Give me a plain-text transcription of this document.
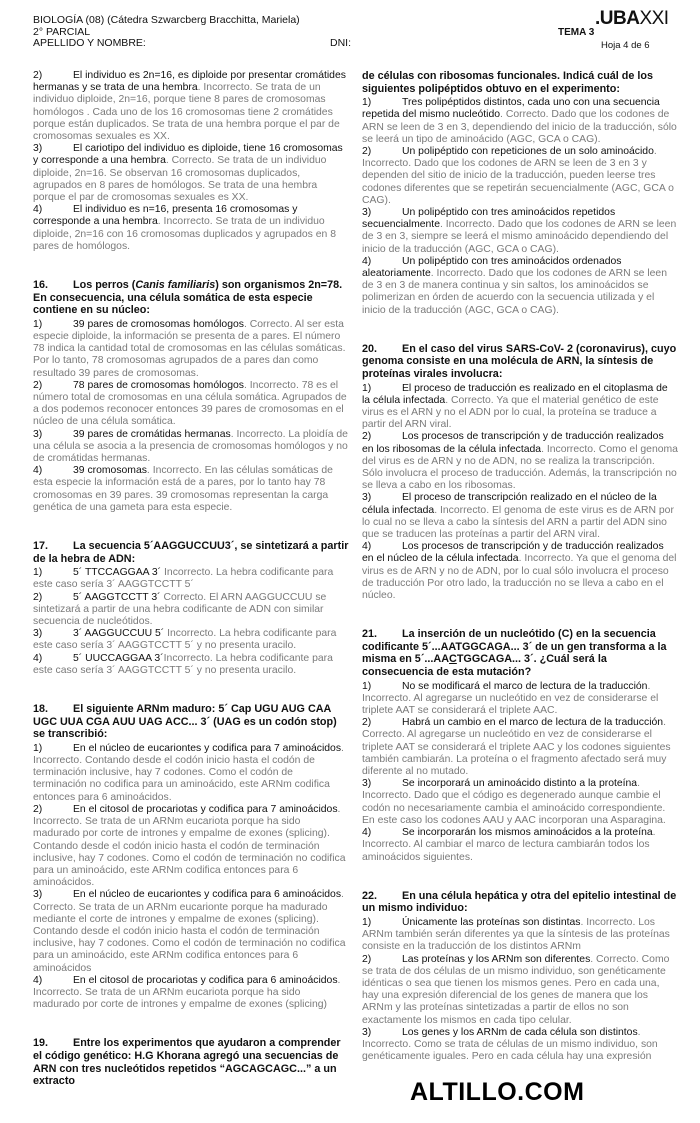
BIOLOGÍA (08) (Cátedra Szwarcberg Bracchitta, Mariela)
2° PARCIAL
APELLIDO Y NOMBRE:	DNI:
.UBAXXI
TEMA 3
Hoja 4 de 6
2)	El individuo es 2n=16, es diploide por presentar cromátides hermanas y se trata de una hembra. Incorrecto. Se trata de un individuo diploide, 2n=16, porque tiene 8 pares de cromosomas homólogos . Cada uno de los 16 cromosomas tiene 2 cromátides porque están duplicados. Se trata de una hembra porque el par de cromosomas sexuales es XX.
3)	El cariotipo del individuo es diploide, tiene 16 cromosomas y corresponde a una hembra. Correcto. Se trata de un individuo diploide, 2n=16. Se observan 16 cromosomas duplicados, agrupados en 8 pares de homólogos. Se trata de una hembra porque el par de cromosomas sexuales es XX.
4)	El individuo es n=16, presenta 16 cromosomas y corresponde a una hembra. Incorrecto. Se trata de un individuo diploide, 2n=16 con 16 cromosomas duplicados y agrupados en 8 pares de homólogos.
16. Los perros (Canis familiaris) son organismos 2n=78. En consecuencia, una célula somática de esta especie contiene en su núcleo:
1)	39 pares de cromosomas homólogos. Correcto. Al ser esta especie diploide, la información se presenta de a pares. El número 78 indica la cantidad total de cromosomas en las células somáticas. Por lo tanto, 78 cromosomas agrupados de a pares dan como resultado 39 pares de cromosomas.
2)	78 pares de cromosomas homólogos. Incorrecto. 78 es el número total de cromosomas en una célula somática. Agrupados de a dos podemos reconocer entonces 39 pares de cromosomas en el núcleo de una célula somática.
3)	39 pares de cromátidas hermanas. Incorrecto. La ploidía de una célula se asocia a la presencia de cromosomas homólogos y no de cromátidas hermanas.
4)	39 cromosomas. Incorrecto. En las células somáticas de esta especie la información está de a pares, por lo tanto hay 78 cromosomas en 39 pares. 39 cromosomas representan la carga genética de una gameta para esta especie.
17. La secuencia 5´AAGGUCCUU3´, se sintetizará a partir de la hebra de ADN:
1)	5´ TTCCAGGAA 3´ Incorrecto. La hebra codificante para este caso sería 3´ AAGGTCCTT 5´
2)	5´ AAGGTCCTT 3´ Correcto. El ARN AAGGUCCUU se sintetizará a partir de una hebra codificante de ADN con similar secuencia de nucleótidos.
3)	3´ AAGGUCCUU 5´ Incorrecto. La hebra codificante para este caso sería 3´ AAGGTCCTT 5´ y no presenta uracilo.
4)	5´ UUCCAGGAA 3´Incorrecto. La hebra codificante para este caso sería 3´ AAGGTCCTT 5´ y no presenta uracilo.
18. El siguiente ARNm maduro: 5´ Cap UGU AUG CAA UGC UUA CGA AUU UAG ACC... 3´ (UAG es un codón stop) se transcribió:
1)	En el núcleo de eucariontes y codifica para 7 aminoácidos. Incorrecto. Contando desde el codón inicio hasta el codón de terminación inclusive, hay 7 codones. Como el codón de terminación no codifica para un aminoácido, este ARNm codifica entonces para 6 aminoácidos.
2)	En el citosol de procariotas y codifica para 7 aminoácidos. Incorrecto. Se trata de un ARNm eucariota porque ha sido madurado por corte de intrones y empalme de exones (splicing). Contando desde el codón inicio hasta el codón de terminación inclusive, hay 7 codones. Como el codón de terminación no codifica para un aminoácido, este ARNm codifica entonces para 6 aminoácidos.
3)	En el núcleo de eucariontes y codifica para 6 aminoácidos. Correcto. Se trata de un ARNm eucarionte porque ha madurado mediante el corte de intrones y empalme de exones (splicing). Contando desde el codón inicio hasta el codón de terminación inclusive, hay 7 codones. Como el codón de terminación no codifica para un aminoácido, este ARNm codifica entonces para 6 aminoácidos
4)	En el citosol de procariotas y codifica para 6 aminoácidos. Incorrecto. Se trata de un ARNm eucariota porque ha sido madurado por corte de intrones y empalme de exones (splicing)
19. Entre los experimentos que ayudaron a comprender el código genético: H.G Khorana agregó una secuencias de ARN con tres nucleótidos repetidos “AGCAGCAGC...” a un extracto
de células con ribosomas funcionales. Indicá cuál de los siguientes polipéptidos obtuvo en el experimento:
1)	Tres polipéptidos distintos, cada uno con una secuencia repetida del mismo nucleótido. Correcto. Dado que los codones de ARN se leen de 3 en 3, dependiendo del inicio de la traducción, sólo se leerá un tipo de aminoácido (AGC, GCA o CAG).
2)	Un polipéptido con repeticiones de un solo aminoácido. Incorrecto. Dado que los codones de ARN se leen de 3 en 3 y dependen del sitio de inicio de la traducción, pueden leerse tres codones diferentes que se repetirán secuencialmente (AGC, GCA o CAG).
3)	Un polipéptido con tres aminoácidos repetidos secuencialmente. Incorrecto. Dado que los codones de ARN se leen de 3 en 3, siempre se leerá el mismo aminoácido dependiendo del inicio de la traducción (AGC, GCA o CAG).
4)	Un polipéptido con tres aminoácidos ordenados aleatoriamente. Incorrecto. Dado que los codones de ARN se leen de 3 en 3 de manera continua y sin saltos, los aminoácidos se polimerizan en órden de acuerdo con la secuencia utilizada y el inicio de la traducción (AGC, GCA o CAG).
20. En el caso del virus SARS-CoV- 2 (coronavirus), cuyo genoma consiste en una molécula de ARN, la síntesis de proteínas virales involucra:
1)	El proceso de traducción es realizado en el citoplasma de la célula infectada. Correcto. Ya que el material genético de este virus es el ARN y no el ADN por lo cual, la proteína se traduce a partir del ARN viral.
2)	Los procesos de transcripción y de traducción realizados en los ribosomas de la célula infectada. Incorrecto. Como el genoma del virus es de ARN y no de ADN, no se realiza la transcripción. Sólo involucra el proceso de traducción. Además, la transcripción no se lleva a cabo en los ribosomas.
3)	El proceso de transcripción realizado en el núcleo de la célula infectada. Incorrecto. El genoma de este virus es de ARN por lo cual no se lleva a cabo la síntesis del ARN a partir del ADN sino que se traducen las proteínas a partir del ARN viral.
4)	Los procesos de transcripción y de traducción realizados en el núcleo de la célula infectada. Incorrecto. Ya que el genoma del virus es de ARN y no de ADN, por lo cual sólo involucra el proceso de traducción Por otro lado, la traducción no se lleva a cabo en el núcleo.
21. La inserción de un nucleótido (C) en la secuencia codificante 5´...AATGGCAGA... 3´ de un gen transforma a la misma en 5´...AACTGGCAGA... 3´. ¿Cuál será la consecuencia de esta mutación?
1)	No se modificará el marco de lectura de la traducción. Incorrecto. Al agregarse un nucleótido en vez de considerarse el triplete AAT se considerará el triplete AAC.
2)	Habrá un cambio en el marco de lectura de la traducción. Correcto. Al agregarse un nucleótido en vez de considerarse el triplete AAT se considerará el triplete AAC y los codones siguientes también cambiarán. La proteína o el fragmento afectado será muy diferente al no mutado.
3)	Se incorporará un aminoácido distinto a la proteína. Incorrecto. Dado que el código es degenerado aunque cambie el codón no necesariamente cambia el aminoácido correspondiente. En este caso los codones AAU y AAC incorporan una Asparagina.
4)	Se incorporarán los mismos aminoácidos a la proteína. Incorrecto. Al cambiar el marco de lectura cambiarán todos los aminoácidos siguientes.
22. En una célula hepática y otra del epitelio intestinal de un mismo individuo:
1)	Únicamente las proteínas son distintas. Incorrecto. Los ARNm también serán diferentes ya que la síntesis de las proteínas consiste en la traducción de los distintos ARNm
2)	Las proteínas y los ARNm son diferentes. Correcto. Como se trata de dos células de un mismo individuo, son genéticamente idénticas o sea que tienen los mismos genes. Pero en cada una, hay una expresión diferencial de los genes de manera que los ARNm y las proteínas sintetizadas a partir de ellos no son exactamente los mismos en cada tipo celular.
3)	Los genes y los ARNm de cada célula son distintos. Incorrecto. Como se trata de células de un mismo individuo, son genéticamente iguales. Pero en cada célula hay una expresión
ALTILLO.COM
